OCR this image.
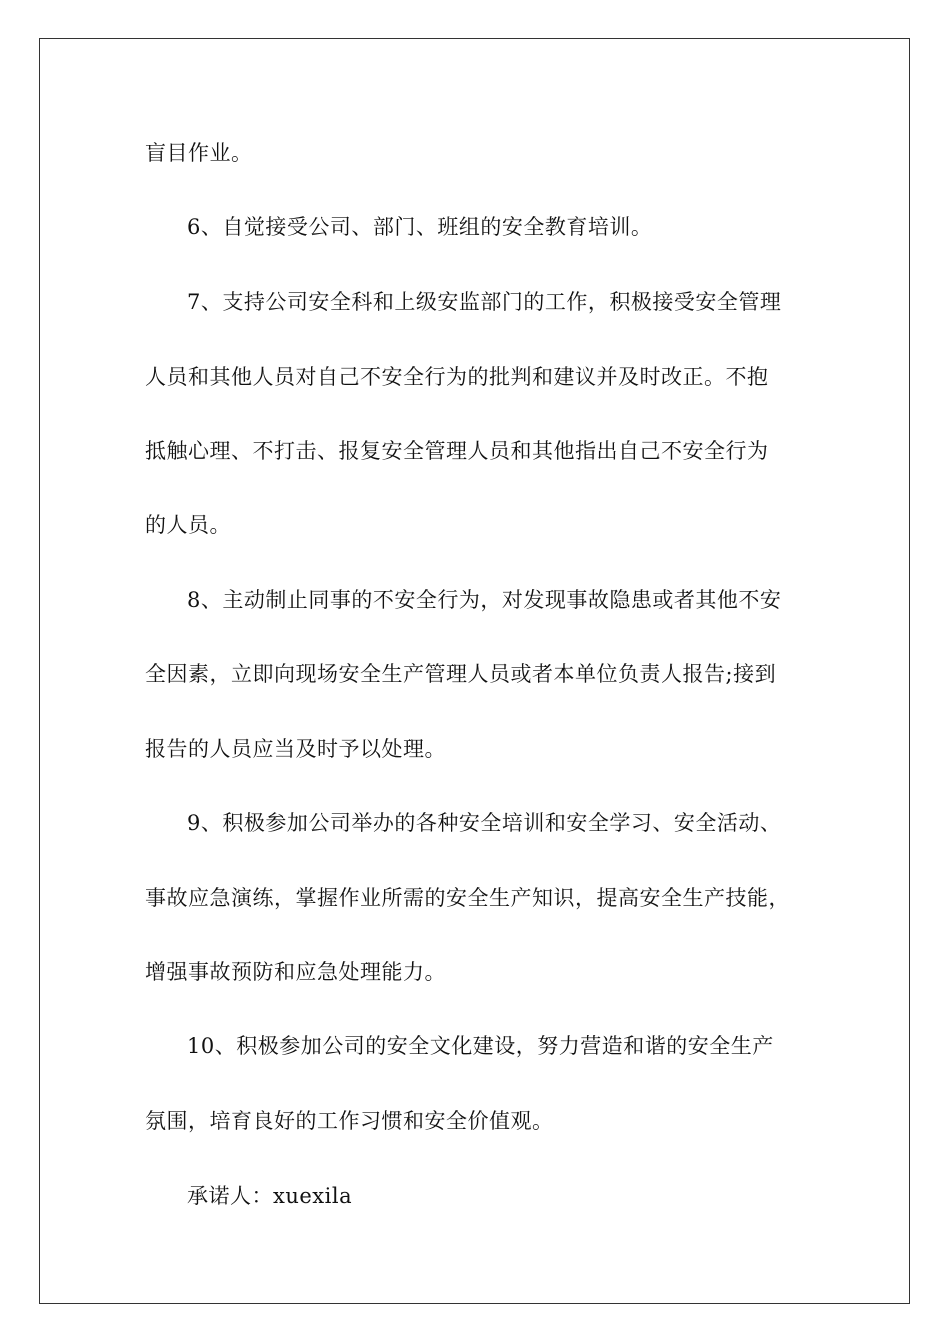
盲目作业。
6、自觉接受公司、部门、班组的安全教育培训。
7、支持公司安全科和上级安监部门的工作，积极接受安全管理
人员和其他人员对自己不安全行为的批判和建议并及时改正。不抱
抵触心理、不打击、报复安全管理人员和其他指出自己不安全行为
的人员。
8、主动制止同事的不安全行为，对发现事故隐患或者其他不安
全因素，立即向现场安全生产管理人员或者本单位负责人报告;接到
报告的人员应当及时予以处理。
9、积极参加公司举办的各种安全培训和安全学习、安全活动、
事故应急演练，掌握作业所需的安全生产知识，提高安全生产技能，
增强事故预防和应急处理能力。
10、积极参加公司的安全文化建设，努力营造和谐的安全生产
氛围，培育良好的工作习惯和安全价值观。
承诺人：xuexila
